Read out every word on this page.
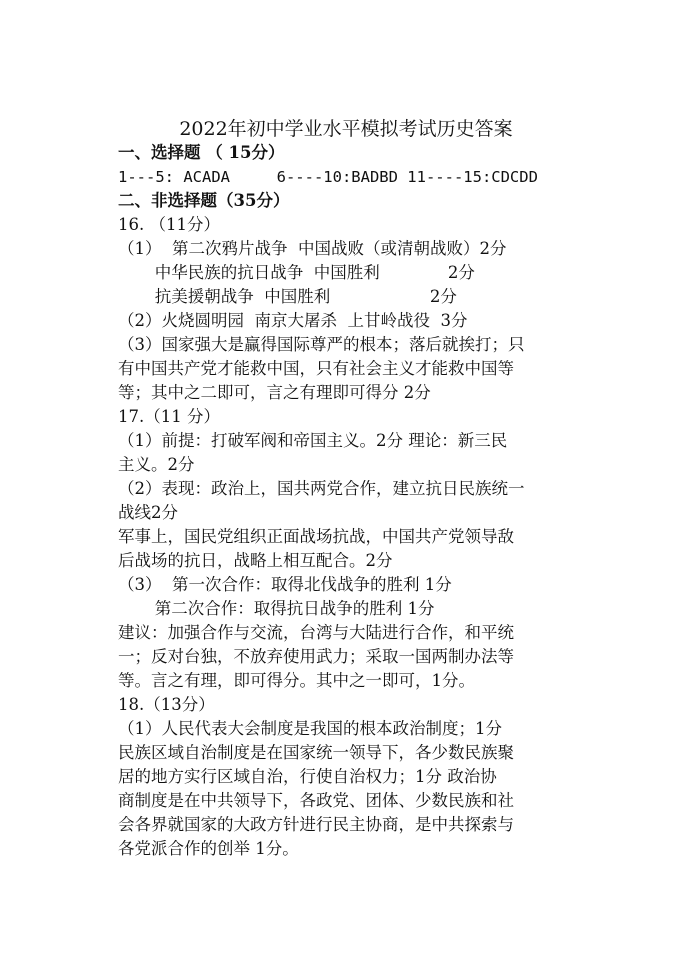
2022年初中学业水平模拟考试历史答案
一、选择题 （ 15分）
1---5: ACADA     6----10:BADBD 11----15:CDCDD
二、非选择题（35分）
16. （11分）
（1）  第二次鸦片战争  中国战败（或清朝战败）2分
中华民族的抗日战争  中国胜利             2分
抗美援朝战争  中国胜利                   2分
（2）火烧圆明园  南京大屠杀  上甘岭战役  3分
（3）国家强大是赢得国际尊严的根本；落后就挨打；只
有中国共产党才能救中国，只有社会主义才能救中国等
等；其中之二即可，言之有理即可得分 2分
17.（11 分）
（1）前提：打破军阀和帝国主义。2分 理论：新三民
主义。2分
（2）表现：政治上，国共两党合作，建立抗日民族统一
战线2分
军事上，国民党组织正面战场抗战，中国共产党领导敌
后战场的抗日，战略上相互配合。2分
（3）  第一次合作：取得北伐战争的胜利 1分
第二次合作：取得抗日战争的胜利 1分
建议：加强合作与交流，台湾与大陆进行合作，和平统
一；反对台独，不放弃使用武力；采取一国两制办法等
等。言之有理，即可得分。其中之一即可，1分。
18.（13分）
（1）人民代表大会制度是我国的根本政治制度；1分
民族区域自治制度是在国家统一领导下，各少数民族聚
居的地方实行区域自治，行使自治权力；1分 政治协
商制度是在中共领导下，各政党、团体、少数民族和社
会各界就国家的大政方针进行民主协商，是中共探索与
各党派合作的创举 1分。
